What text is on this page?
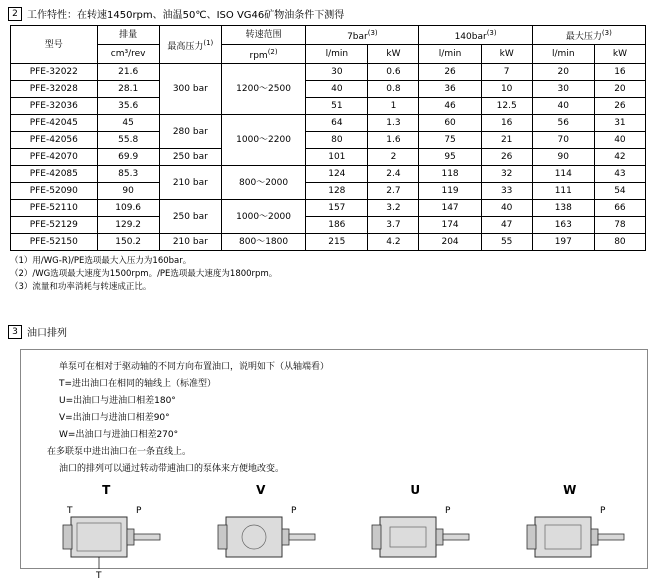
2 工作特性：在转速1450rpm、油温50℃、ISO VG46矿物油条件下测得
型号	排量	最高压力$^{(1)}$	转速范围	7bar$^{(3)}$		140bar$^{(3)}$		最大压力$^{(3)}$
	cm³/rev		rpm$^{(2)}$	l/min	kW	l/min	kW	l/min	kW
PFE-32022	21.6	300 bar	1200～2500	30	0.6	26	7	20	16
PFE-32028	28.1			40	0.8	36	10	30	20
PFE-32036	35.6			51	1	46	12.5	40	26
PFE-42045	45	280 bar	1000～2200	64	1.3	60	16	56	31
PFE-42056	55.8			80	1.6	75	21	70	40
PFE-42070	69.9	250 bar		101	2	95	26	90	42
PFE-42085	85.3	210 bar	800～2000	124	2.4	118	32	114	43
PFE-52090	90			128	2.7	119	33	111	54
PFE-52110	109.6	250 bar	1000～2000	157	3.2	147	40	138	66
PFE-52129	129.2			186	3.7	174	47	163	78
PFE-52150	150.2	210 bar	800～1800	215	4.2	204	55	197	80
（1）用/WG-R)/PE选项最大入压力为160bar。
（2）/WG选项最大速度为1500rpm。/PE选项最大速度为1800rpm。
（3）流量和功率消耗与转速成正比。
3 油口排列
单泵可在相对于驱动轴的不同方向布置油口，说明如下（从轴端看）
T=进出油口在相同的轴线上（标准型）
U=出油口与进油口相差180°
V=出油口与进油口相差90°
W=出油口与进油口相差270°
在多联泵中进出油口在一条直线上。
油口的排列可以通过转动带逋油口的泵体来方便地改变。
T
T	P
T
V
P
U
P
W
P
